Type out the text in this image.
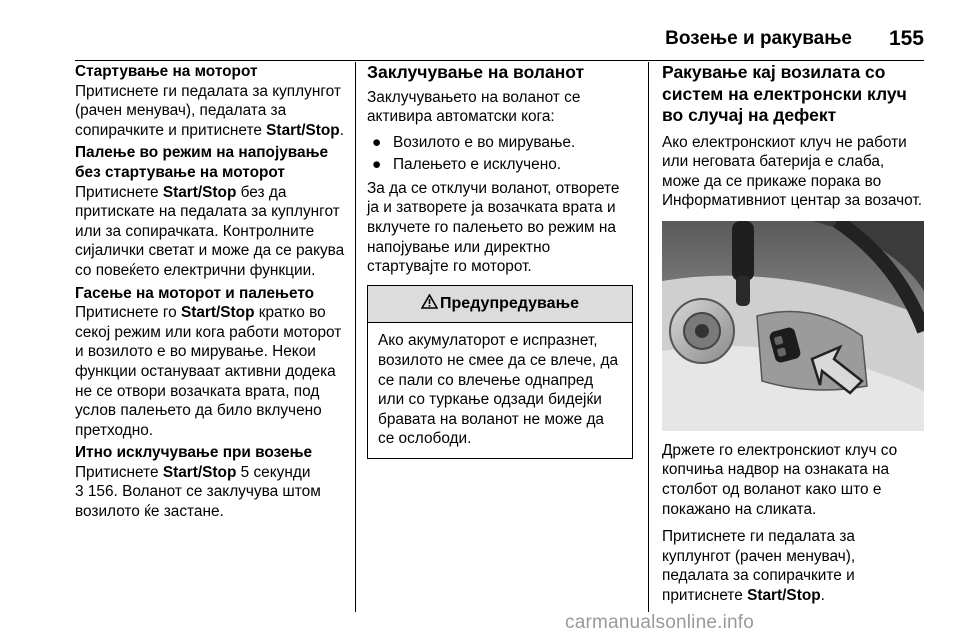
Возење и ракување 155
Стартување на моторот

Притиснете ги педалата за куплунгот (рачен менувач), педалата за сопирачките и притиснете Start/Stop.

Палење во режим на напојување без стартување на моторот

Притиснете Start/Stop без да притискате на педалата за куплунгот или за сопирачката. Контролните сијалички светат и може да се ракува со повеќето електрични функции.

Гасење на моторот и палењето

Притиснете го Start/Stop кратко во секој режим или кога работи моторот и возилото е во мирување. Некои функции остануваат активни додека не се отвори возачката врата, под услов палењето да било вклучено претходно.

Итно исклучување при возење

Притиснете Start/Stop 5 секунди
3 156. Воланот се заклучува штом возилото ќе застане.

Заклучување на воланот

Заклучувањето на воланот се активира автоматски кога:

● Возилото е во мирување.
● Палењето е исклучено.

За да се отклучи воланот, отворете ја и затворете ја возачката врата и вклучете го палењето во режим на напојување или директно стартувајте го моторот.

Предупредување
Ако акумулаторот е испразнет, возилото не смее да се влече, да се пали со влечење однапред или со туркање одзади бидејќи бравата на воланот не може да се ослободи.
Ракување кај возилата со систем на електронски клуч во случај на дефект

Ако електронскиот клуч не работи или неговата батерија е слаба, може да се прикаже порака во Информативниот центар за возачот.

Држете го електронскиот клуч со копчиња надвор на ознаката на столбот од воланот како што е покажано на сликата.

Притиснете ги педалата за куплунгот (рачен менувач), педалата за сопирачките и притиснете Start/Stop.

carmanualsonline.info
